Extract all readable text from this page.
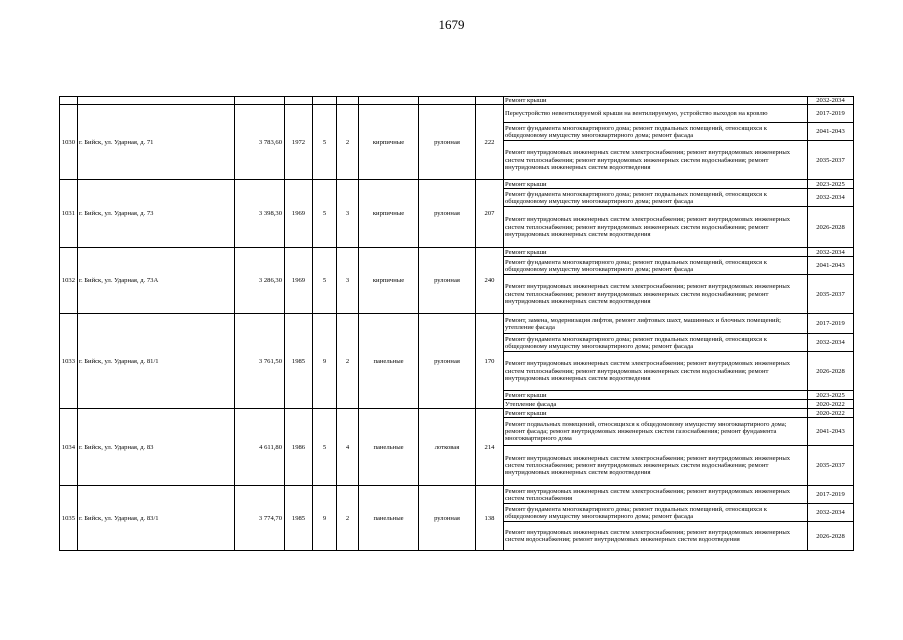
1679
									Ремонт крыши	2032-2034
1030	г. Бийск, ул. Ударная, д. 71	3 783,60	1972	5	2	кирпичные	рулонная	222	Переустройство невентилируемой крыши на вентилируемую, устройство выходов на кровлю	2017-2019
									Ремонт фундамента многоквартирного дома; ремонт подвальных помещений, относящихся к общедомовому имуществу многоквартирного дома; ремонт фасада	2041-2043
									Ремонт внутридомовых инженерных систем электроснабжения; ремонт внутридомовых инженерных систем теплоснабжения; ремонт внутридомовых инженерных систем водоснабжения; ремонт внутридомовых инженерных систем водоотведения	2035-2037
1031	г. Бийск, ул. Ударная, д. 73	3 398,30	1969	5	3	кирпичные	рулонная	207	Ремонт крыши	2023-2025
									Ремонт фундамента многоквартирного дома; ремонт подвальных помещений, относящихся к общедомовому имуществу многоквартирного дома; ремонт фасада	2032-2034
									Ремонт внутридомовых инженерных систем электроснабжения; ремонт внутридомовых инженерных систем теплоснабжения; ремонт внутридомовых инженерных систем водоснабжения; ремонт внутридомовых инженерных систем водоотведения	2026-2028
1032	г. Бийск, ул. Ударная, д. 73А	3 286,30	1969	5	3	кирпичные	рулонная	240	Ремонт крыши	2032-2034
									Ремонт фундамента многоквартирного дома; ремонт подвальных помещений, относящихся к общедомовому имуществу многоквартирного дома; ремонт фасада	2041-2043
									Ремонт внутридомовых инженерных систем электроснабжения; ремонт внутридомовых инженерных систем теплоснабжения; ремонт внутридомовых инженерных систем водоснабжения; ремонт внутридомовых инженерных систем водоотведения	2035-2037
1033	г. Бийск, ул. Ударная, д. 81/1	3 761,50	1985	9	2	панельные	рулонная	170	Ремонт, замена, модернизация лифтов, ремонт лифтовых шахт, машинных и блочных помещений; утепление фасада	2017-2019
									Ремонт фундамента многоквартирного дома; ремонт подвальных помещений, относящихся к общедомовому имуществу многоквартирного дома; ремонт фасада	2032-2034
									Ремонт внутридомовых инженерных систем электроснабжения; ремонт внутридомовых инженерных систем теплоснабжения; ремонт внутридомовых инженерных систем водоснабжения; ремонт внутридомовых инженерных систем водоотведения	2026-2028
									Ремонт крыши	2023-2025
									Утепление фасада	2020-2022
1034	г. Бийск, ул. Ударная, д. 83	4 611,80	1986	5	4	панельные	лотковая	214	Ремонт крыши	2020-2022
									Ремонт подвальных помещений, относящихся к общедомовому имуществу многоквартирного дома; ремонт фасада; ремонт внутридомовых инженерных систем газоснабжения; ремонт фундамента многоквартирного дома	2041-2043
									Ремонт внутридомовых инженерных систем электроснабжения; ремонт внутридомовых инженерных систем теплоснабжения; ремонт внутридомовых инженерных систем водоснабжения; ремонт внутридомовых инженерных систем водоотведения	2035-2037
1035	г. Бийск, ул. Ударная, д. 83/1	3 774,70	1985	9	2	панельные	рулонная	138	Ремонт внутридомовых инженерных систем электроснабжения; ремонт внутридомовых инженерных систем теплоснабжения	2017-2019
									Ремонт фундамента многоквартирного дома; ремонт подвальных помещений, относящихся к общедомовому имуществу многоквартирного дома; ремонт фасада	2032-2034
									Ремонт внутридомовых инженерных систем электроснабжения; ремонт внутридомовых инженерных систем водоснабжения; ремонт внутридомовых инженерных систем водоотведения	2026-2028
